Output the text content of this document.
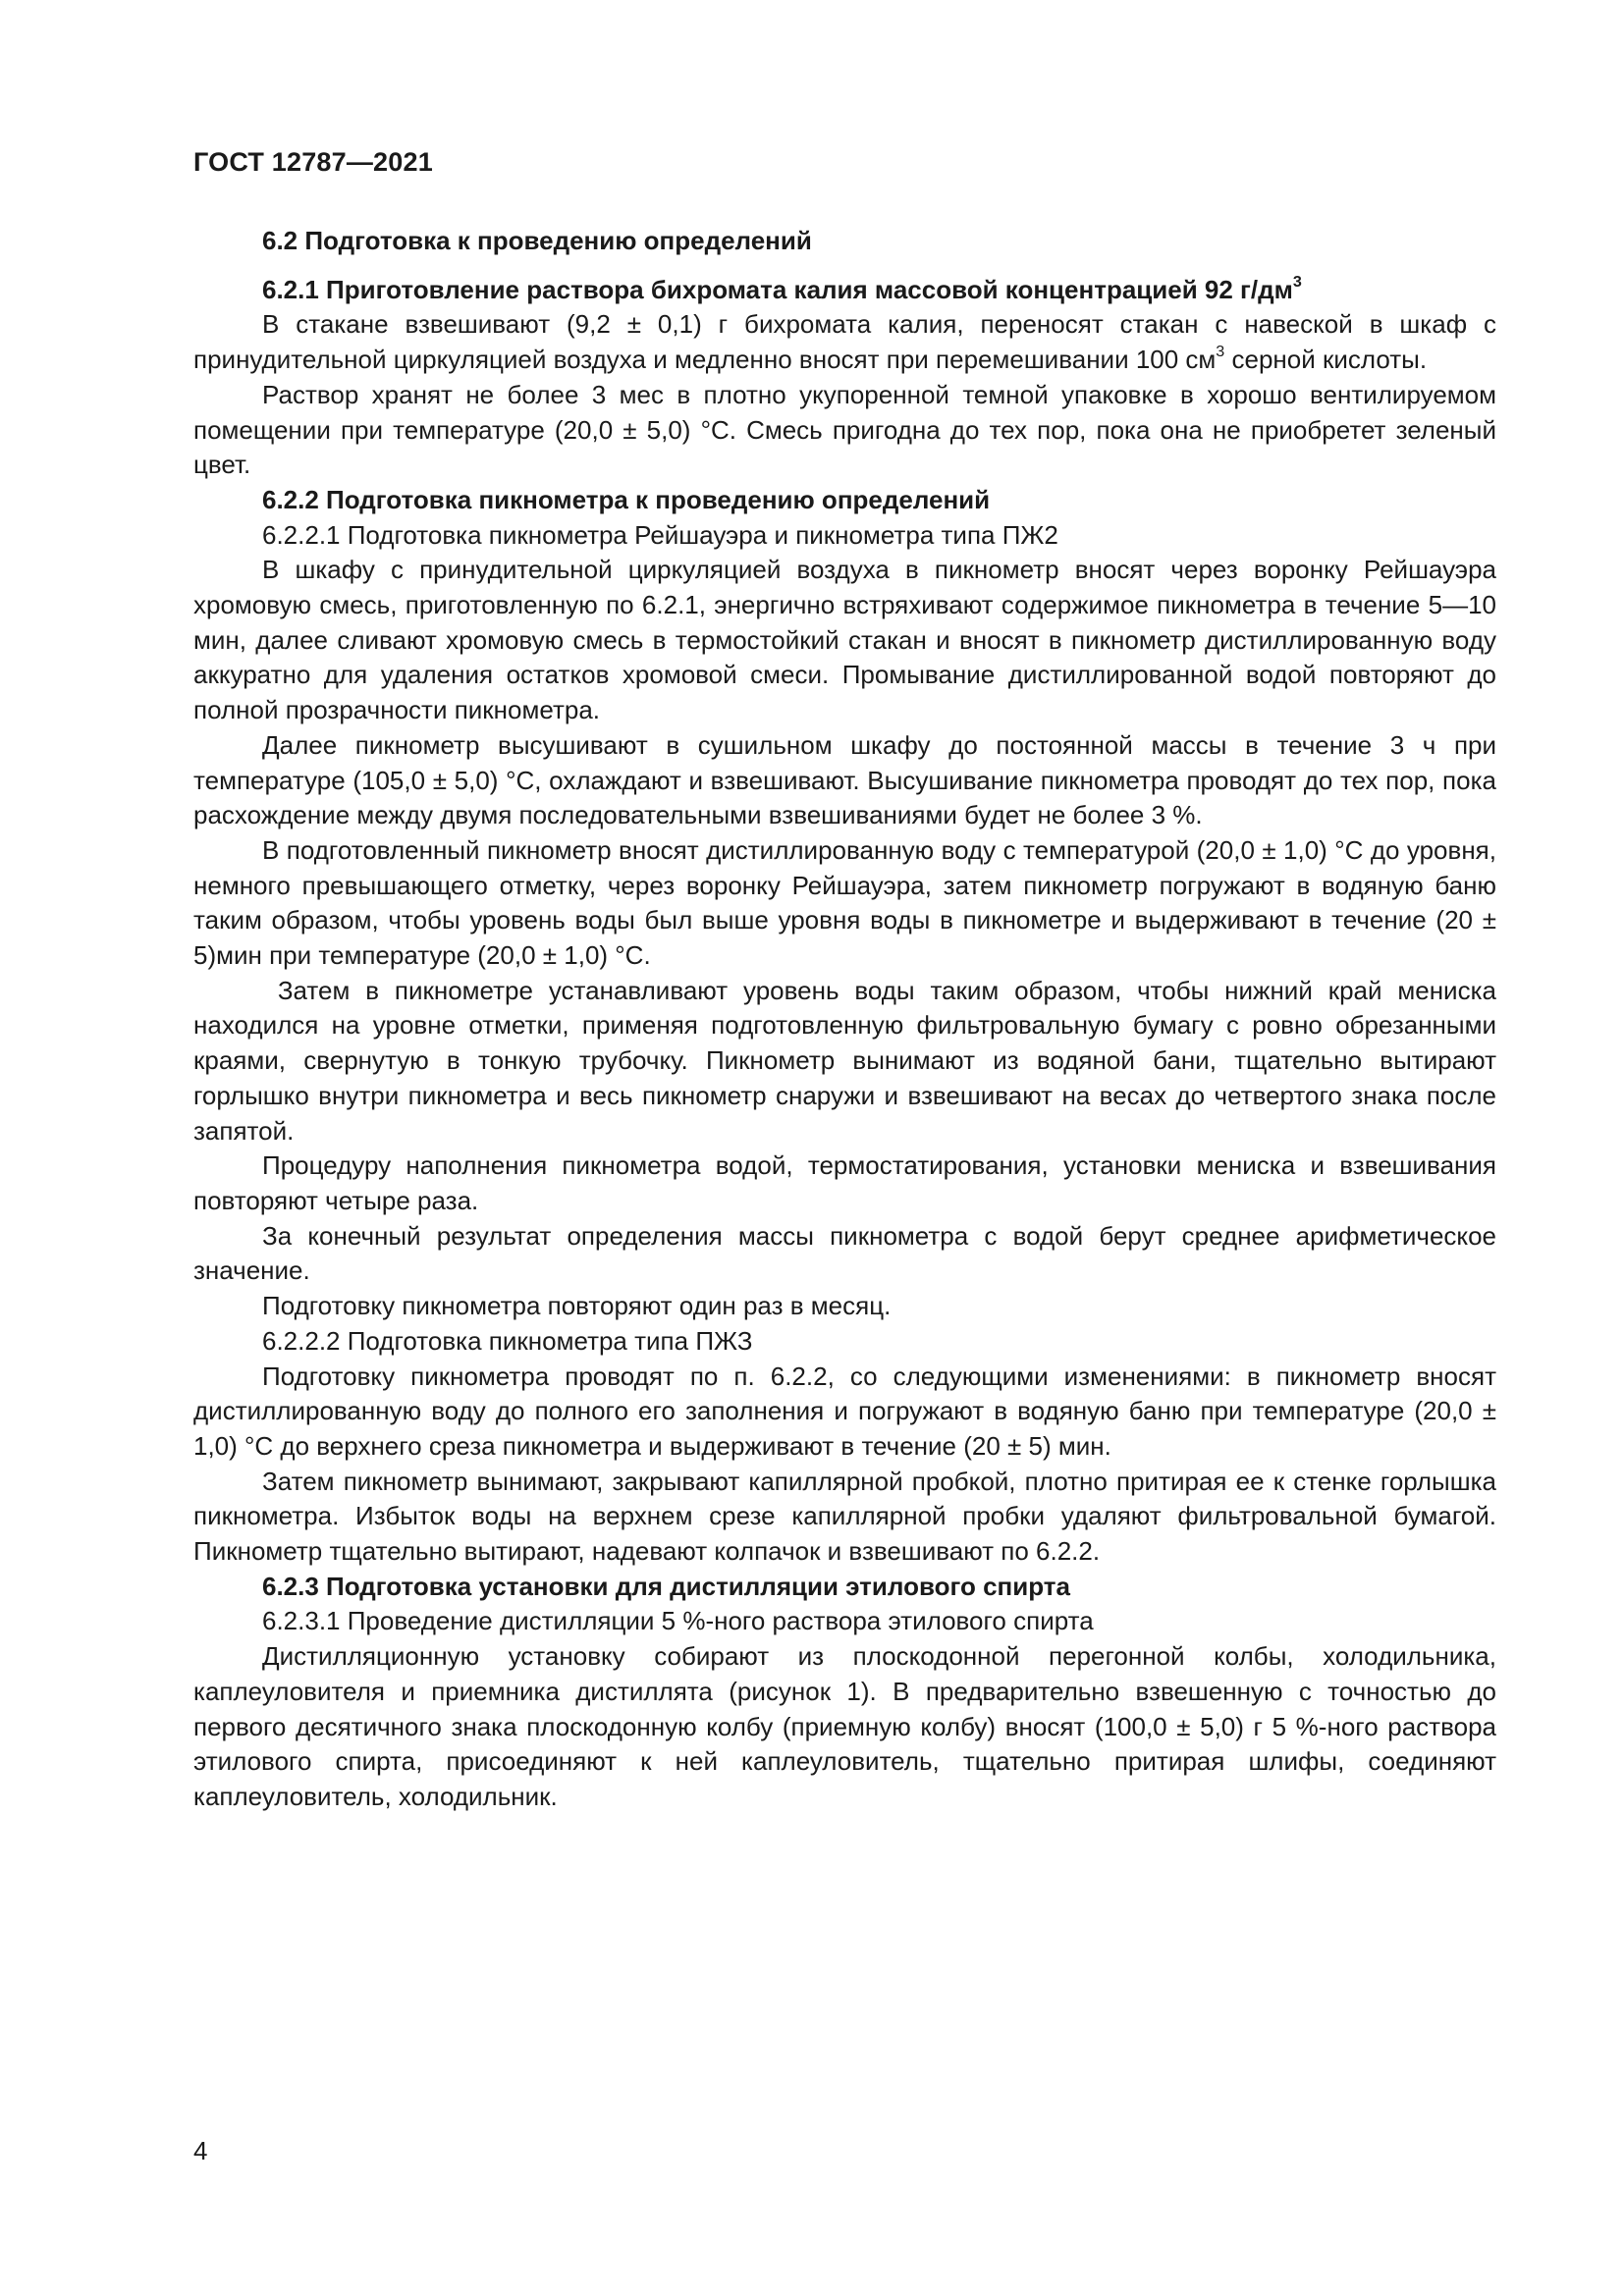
ГОСТ 12787—2021

6.2 Подготовка к проведению определений

6.2.1 Приготовление раствора бихромата калия массовой концентрацией 92 $г/дм^3$

В стакане взвешивают (9,2 ± 0,1) г бихромата калия, переносят стакан с навеской в шкаф с принудительной циркуляцией воздуха и медленно вносят при перемешивании 100 $см^3$ серной кислоты.

Раствор хранят не более 3 мес в плотно укупоренной темной упаковке в хорошо вентилируемом помещении при температуре (20,0 ± 5,0) °С. Смесь пригодна до тех пор, пока она не приобретет зеленый цвет.

6.2.2 Подготовка пикнометра к проведению определений

6.2.2.1 Подготовка пикнометра Рейшауэра и пикнометра типа ПЖ2

В шкафу с принудительной циркуляцией воздуха в пикнометр вносят через воронку Рейшауэра хромовую смесь, приготовленную по 6.2.1, энергично встряхивают содержимое пикнометра в течение 5—10 мин, далее сливают хромовую смесь в термостойкий стакан и вносят в пикнометр дистиллированную воду аккуратно для удаления остатков хромовой смеси. Промывание дистиллированной водой повторяют до полной прозрачности пикнометра.

Далее пикнометр высушивают в сушильном шкафу до постоянной массы в течение 3 ч при температуре (105,0 ± 5,0) °С, охлаждают и взвешивают. Высушивание пикнометра проводят до тех пор, пока расхождение между двумя последовательными взвешиваниями будет не более 3 %.

В подготовленный пикнометр вносят дистиллированную воду с температурой (20,0 ± 1,0) °С до уровня, немного превышающего отметку, через воронку Рейшауэра, затем пикнометр погружают в водяную баню таким образом, чтобы уровень воды был выше уровня воды в пикнометре и выдерживают в течение (20 ± 5)мин при температуре (20,0 ± 1,0) °С.

Затем в пикнометре устанавливают уровень воды таким образом, чтобы нижний край мениска находился на уровне отметки, применяя подготовленную фильтровальную бумагу с ровно обрезанными краями, свернутую в тонкую трубочку. Пикнометр вынимают из водяной бани, тщательно вытирают горлышко внутри пикнометра и весь пикнометр снаружи и взвешивают на весах до четвертого знака после запятой.

Процедуру наполнения пикнометра водой, термостатирования, установки мениска и взвешивания повторяют четыре раза.

За конечный результат определения массы пикнометра с водой берут среднее арифметическое значение.

Подготовку пикнометра повторяют один раз в месяц.

6.2.2.2 Подготовка пикнометра типа ПЖЗ

Подготовку пикнометра проводят по п. 6.2.2, со следующими изменениями: в пикнометр вносят дистиллированную воду до полного его заполнения и погружают в водяную баню при температуре (20,0 ± 1,0) °С до верхнего среза пикнометра и выдерживают в течение (20 ± 5) мин.

Затем пикнометр вынимают, закрывают капиллярной пробкой, плотно притирая ее к стенке горлышка пикнометра. Избыток воды на верхнем срезе капиллярной пробки удаляют фильтровальной бумагой. Пикнометр тщательно вытирают, надевают колпачок и взвешивают по 6.2.2.

6.2.3 Подготовка установки для дистилляции этилового спирта

6.2.3.1 Проведение дистилляции 5 %-ного раствора этилового спирта

Дистилляционную установку собирают из плоскодонной перегонной колбы, холодильника, каплеуловителя и приемника дистиллята (рисунок 1). В предварительно взвешенную с точностью до первого десятичного знака плоскодонную колбу (приемную колбу) вносят (100,0 ± 5,0) г 5 %-ного раствора этилового спирта, присоединяют к ней каплеуловитель, тщательно притирая шлифы, соединяют каплеуловитель, холодильник.

4
